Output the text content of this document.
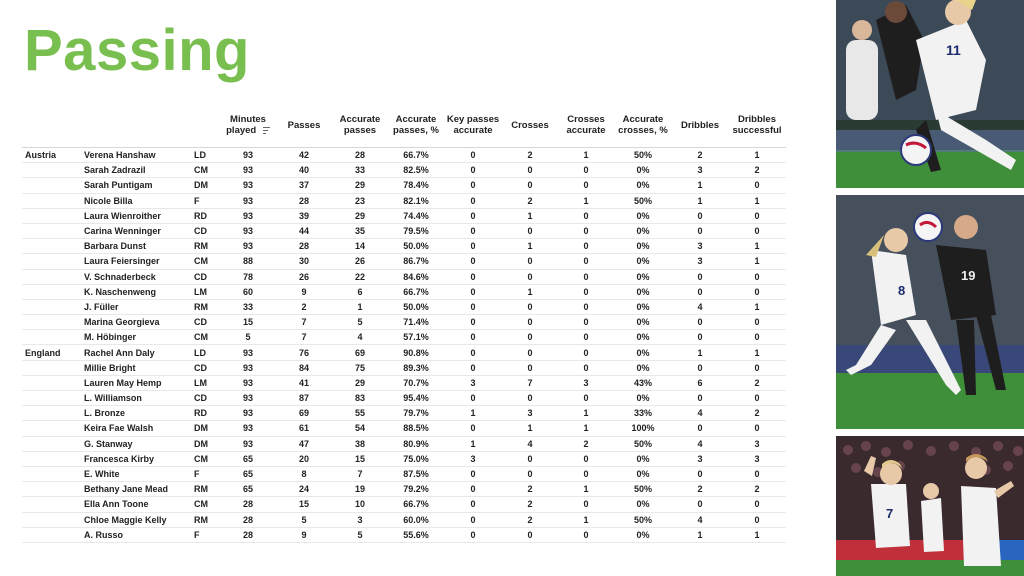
Passing
			Minutes played	Passes	Accurate passes	Accurate passes, %	Key passes accurate	Crosses	Crosses accurate	Accurate crosses, %	Dribbles	Dribbles successful
Austria	Verena Hanshaw	LD	93	42	28	66.7%	0	2	1	50%	2	1
	Sarah Zadrazil	CM	93	40	33	82.5%	0	0	0	0%	3	2
	Sarah Puntigam	DM	93	37	29	78.4%	0	0	0	0%	1	0
	Nicole Billa	F	93	28	23	82.1%	0	2	1	50%	1	1
	Laura Wienroither	RD	93	39	29	74.4%	0	1	0	0%	0	0
	Carina Wenninger	CD	93	44	35	79.5%	0	0	0	0%	0	0
	Barbara Dunst	RM	93	28	14	50.0%	0	1	0	0%	3	1
	Laura Feiersinger	CM	88	30	26	86.7%	0	0	0	0%	3	1
	V. Schnaderbeck	CD	78	26	22	84.6%	0	0	0	0%	0	0
	K. Naschenweng	LM	60	9	6	66.7%	0	1	0	0%	0	0
	J. Füller	RM	33	2	1	50.0%	0	0	0	0%	4	1
	Marina Georgieva	CD	15	7	5	71.4%	0	0	0	0%	0	0
	M. Höbinger	CM	5	7	4	57.1%	0	0	0	0%	0	0
England	Rachel Ann Daly	LD	93	76	69	90.8%	0	0	0	0%	1	1
	Millie Bright	CD	93	84	75	89.3%	0	0	0	0%	0	0
	Lauren May Hemp	LM	93	41	29	70.7%	3	7	3	43%	6	2
	L. Williamson	CD	93	87	83	95.4%	0	0	0	0%	0	0
	L. Bronze	RD	93	69	55	79.7%	1	3	1	33%	4	2
	Keira Fae Walsh	DM	93	61	54	88.5%	0	1	1	100%	0	0
	G. Stanway	DM	93	47	38	80.9%	1	4	2	50%	4	3
	Francesca Kirby	CM	65	20	15	75.0%	3	0	0	0%	3	3
	E. White	F	65	8	7	87.5%	0	0	0	0%	0	0
	Bethany Jane Mead	RM	65	24	19	79.2%	0	2	1	50%	2	2
	Ella Ann Toone	CM	28	15	10	66.7%	0	2	0	0%	0	0
	Chloe Maggie Kelly	RM	28	5	3	60.0%	0	2	1	50%	4	0
	A. Russo	F	28	9	5	55.6%	0	0	0	0%	1	1
11
8
19
7
